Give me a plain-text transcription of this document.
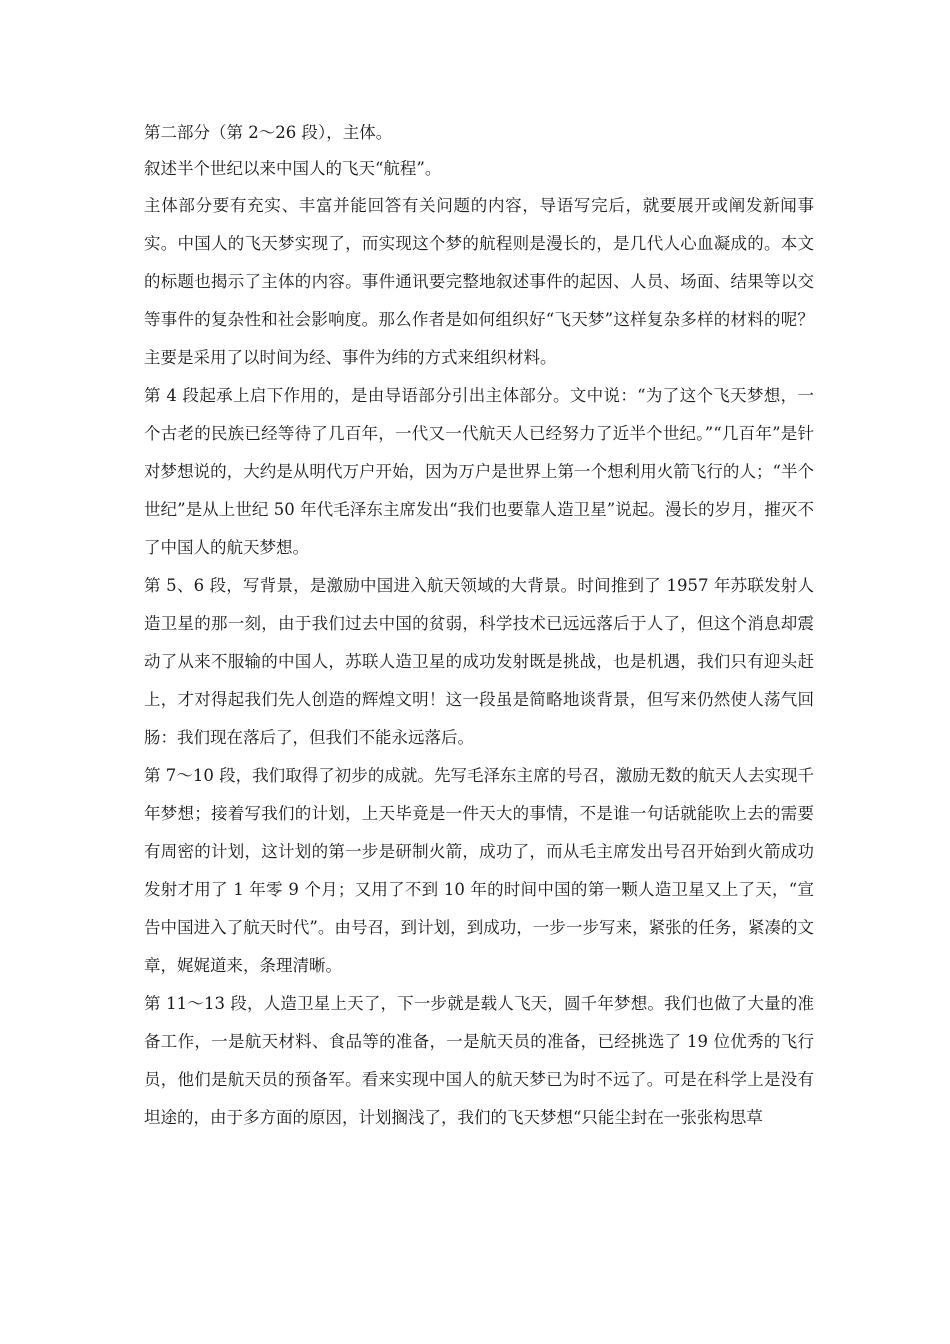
第二部分（第 2～26 段），主体。

叙述半个世纪以来中国人的飞天“航程”。

主体部分要有充实、丰富并能回答有关问题的内容，导语写完后，就要展开或阐发新闻事实。中国人的飞天梦实现了，而实现这个梦的航程则是漫长的，是几代人心血凝成的。本文的标题也揭示了主体的内容。事件通讯要完整地叙述事件的起因、人员、场面、结果等以交等事件的复杂性和社会影响度。那么作者是如何组织好“飞天梦”这样复杂多样的材料的呢？主要是采用了以时间为经、事件为纬的方式来组织材料。

第 4 段起承上启下作用的，是由导语部分引出主体部分。文中说：“为了这个飞天梦想，一个古老的民族已经等待了几百年，一代又一代航天人已经努力了近半个世纪。”“几百年”是针对梦想说的，大约是从明代万户开始，因为万户是世界上第一个想利用火箭飞行的人；“半个世纪”是从上世纪 50 年代毛泽东主席发出“我们也要靠人造卫星”说起。漫长的岁月，摧灭不了中国人的航天梦想。

第 5、6 段，写背景，是激励中国进入航天领域的大背景。时间推到了 1957 年苏联发射人造卫星的那一刻，由于我们过去中国的贫弱，科学技术已远远落后于人了，但这个消息却震动了从来不服输的中国人，苏联人造卫星的成功发射既是挑战，也是机遇，我们只有迎头赶上，才对得起我们先人创造的辉煌文明！这一段虽是简略地谈背景，但写来仍然使人荡气回肠：我们现在落后了，但我们不能永远落后。

第 7～10 段，我们取得了初步的成就。先写毛泽东主席的号召，激励无数的航天人去实现千年梦想；接着写我们的计划，上天毕竟是一件天大的事情，不是谁一句话就能吹上去的需要有周密的计划，这计划的第一步是研制火箭，成功了，而从毛主席发出号召开始到火箭成功发射才用了 1 年零 9 个月；又用了不到 10 年的时间中国的第一颗人造卫星又上了天，“宣告中国进入了航天时代”。由号召，到计划，到成功，一步一步写来，紧张的任务，紧凑的文章，娓娓道来，条理清晰。

第 11～13 段，人造卫星上天了，下一步就是载人飞天，圆千年梦想。我们也做了大量的准备工作，一是航天材料、食品等的准备，一是航天员的准备，已经挑选了 19 位优秀的飞行员，他们是航天员的预备军。看来实现中国人的航天梦已为时不远了。可是在科学上是没有坦途的，由于多方面的原因，计划搁浅了，我们的飞天梦想“只能尘封在一张张构思草
